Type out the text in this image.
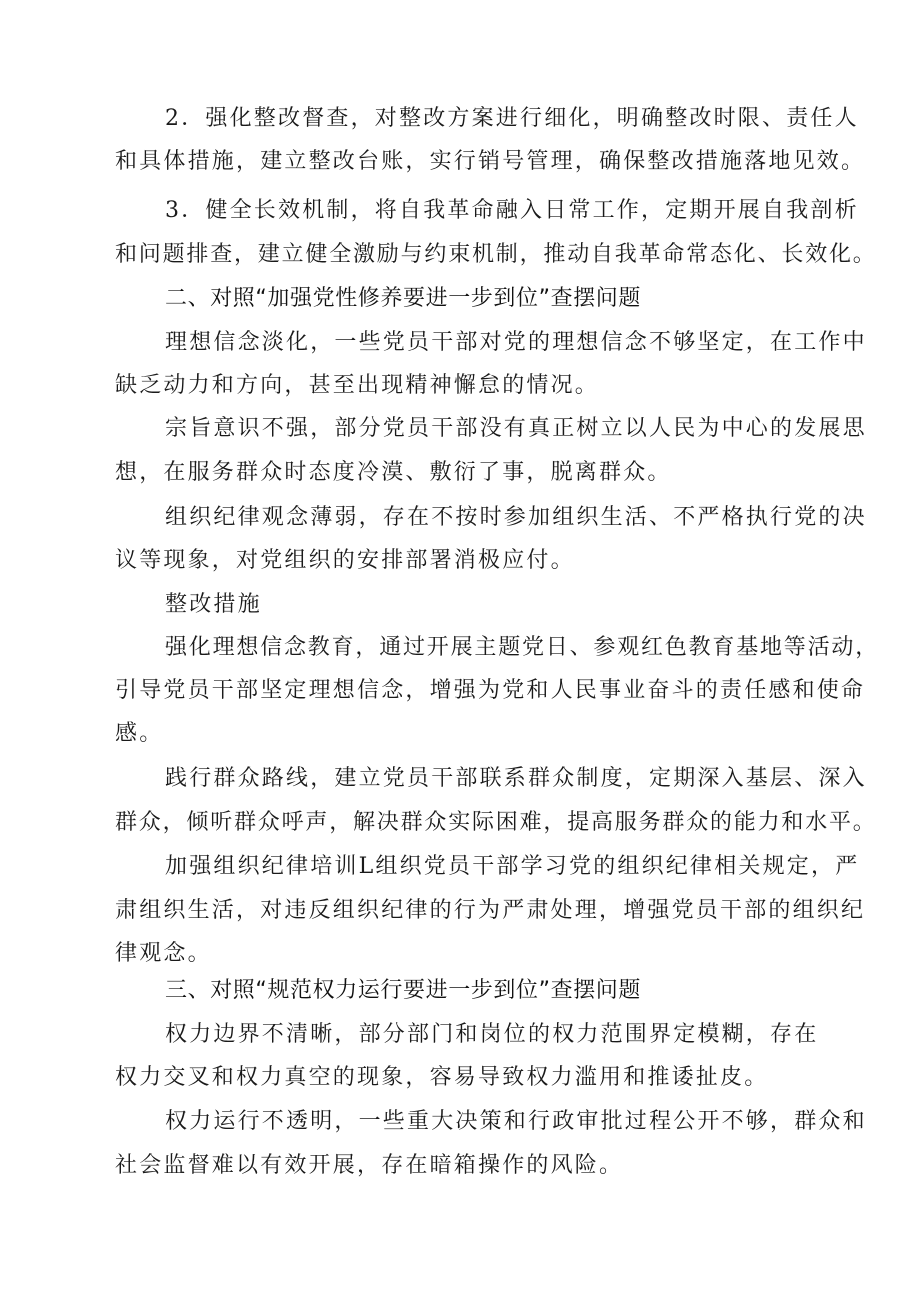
2．强化整改督查，对整改方案进行细化，明确整改时限、责任人
和具体措施，建立整改台账，实行销号管理，确保整改措施落地见效。
3．健全长效机制，将自我革命融入日常工作，定期开展自我剖析
和问题排查，建立健全激励与约束机制，推动自我革命常态化、长效化。
二、对照“加强党性修养要进一步到位”查摆问题
理想信念淡化，一些党员干部对党的理想信念不够坚定，在工作中
缺乏动力和方向，甚至出现精神懈怠的情况。
宗旨意识不强，部分党员干部没有真正树立以人民为中心的发展思
想，在服务群众时态度冷漠、敷衍了事，脱离群众。
组织纪律观念薄弱，存在不按时参加组织生活、不严格执行党的决
议等现象，对党组织的安排部署消极应付。
整改措施
强化理想信念教育，通过开展主题党日、参观红色教育基地等活动，
引导党员干部坚定理想信念，增强为党和人民事业奋斗的责任感和使命
感。
践行群众路线，建立党员干部联系群众制度，定期深入基层、深入
群众，倾听群众呼声，解决群众实际困难，提高服务群众的能力和水平。
加强组织纪律培训L组织党员干部学习党的组织纪律相关规定，严
肃组织生活，对违反组织纪律的行为严肃处理，增强党员干部的组织纪
律观念。
三、对照“规范权力运行要进一步到位”查摆问题
权力边界不清晰，部分部门和岗位的权力范围界定模糊，存在
权力交叉和权力真空的现象，容易导致权力滥用和推诿扯皮。
权力运行不透明，一些重大决策和行政审批过程公开不够，群众和
社会监督难以有效开展，存在暗箱操作的风险。
